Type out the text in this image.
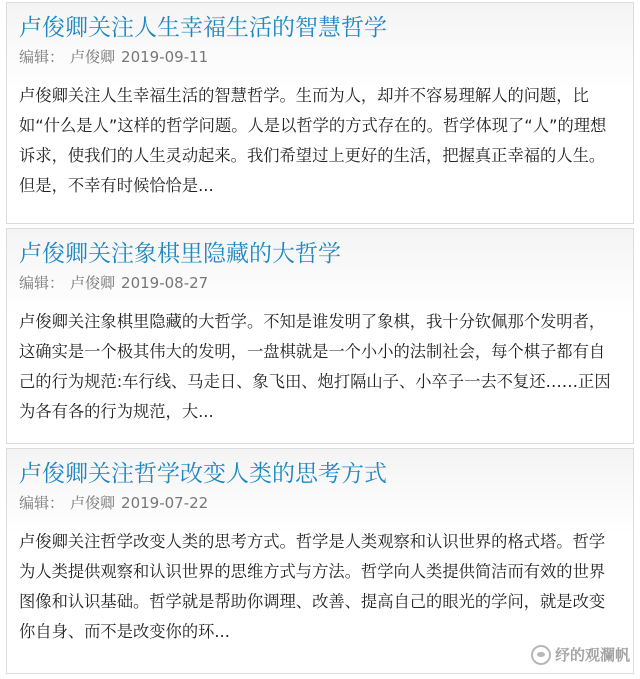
卢俊卿关注人生幸福生活的智慧哲学
编辑： 卢俊卿 2019-09-11
卢俊卿关注人生幸福生活的智慧哲学。生而为人，却并不容易理解人的问题，比如“什么是人”这样的哲学问题。人是以哲学的方式存在的。哲学体现了“人”的理想诉求，使我们的人生灵动起来。我们希望过上更好的生活，把握真正幸福的人生。但是，不幸有时候恰恰是...
卢俊卿关注象棋里隐藏的大哲学
编辑： 卢俊卿 2019-08-27
卢俊卿关注象棋里隐藏的大哲学。不知是谁发明了象棋，我十分钦佩那个发明者，这确实是一个极其伟大的发明，一盘棋就是一个小小的法制社会，每个棋子都有自己的行为规范:车行线、马走日、象飞田、炮打隔山子、小卒子一去不复还……正因为各有各的行为规范，大...
卢俊卿关注哲学改变人类的思考方式
编辑： 卢俊卿 2019-07-22
卢俊卿关注哲学改变人类的思考方式。哲学是人类观察和认识世界的格式塔。哲学为人类提供观察和认识世界的思维方式与方法。哲学向人类提供简洁而有效的世界图像和认识基础。哲学就是帮助你调理、改善、提高自己的眼光的学问，就是改变你自身、而不是改变你的环...
纾的观瀾帆
